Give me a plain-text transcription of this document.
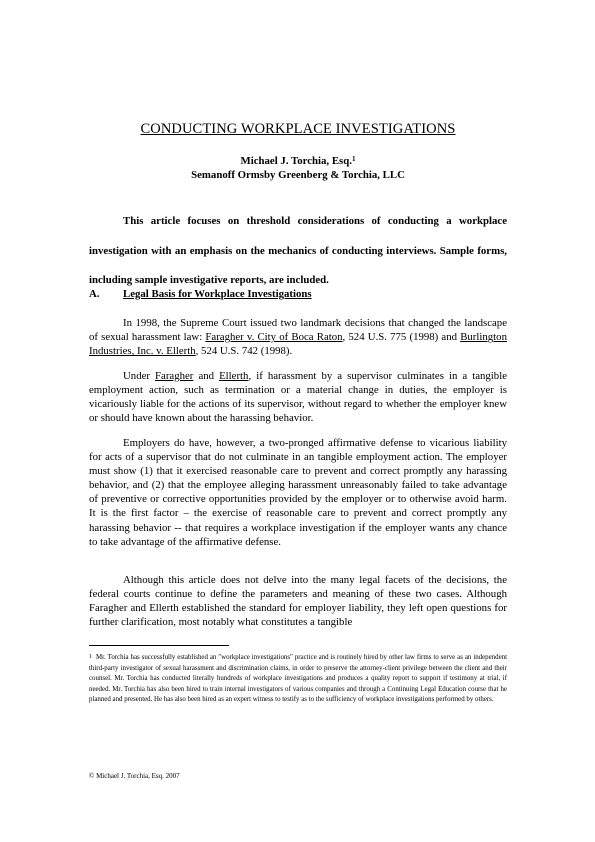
CONDUCTING WORKPLACE INVESTIGATIONS
Michael J. Torchia, Esq.$^1$
Semanoff Ormsby Greenberg & Torchia, LLC
This article focuses on threshold considerations of conducting a workplace investigation with an emphasis on the mechanics of conducting interviews. Sample forms, including sample investigative reports, are included.
A. Legal Basis for Workplace Investigations
In 1998, the Supreme Court issued two landmark decisions that changed the landscape of sexual harassment law: Faragher v. City of Boca Raton, 524 U.S. 775 (1998) and Burlington Industries, Inc. v. Ellerth, 524 U.S. 742 (1998).
Under Faragher and Ellerth, if harassment by a supervisor culminates in a tangible employment action, such as termination or a material change in duties, the employer is vicariously liable for the actions of its supervisor, without regard to whether the employer knew or should have known about the harassing behavior.
Employers do have, however, a two-pronged affirmative defense to vicarious liability for acts of a supervisor that do not culminate in an tangible employment action. The employer must show (1) that it exercised reasonable care to prevent and correct promptly any harassing behavior, and (2) that the employee alleging harassment unreasonably failed to take advantage of preventive or corrective opportunities provided by the employer or to otherwise avoid harm. It is the first factor – the exercise of reasonable care to prevent and correct promptly any harassing behavior -- that requires a workplace investigation if the employer wants any chance to take advantage of the affirmative defense.
Although this article does not delve into the many legal facets of the decisions, the federal courts continue to define the parameters and meaning of these two cases. Although Faragher and Ellerth established the standard for employer liability, they left open questions for further clarification, most notably what constitutes a tangible
$^1$ Mr. Torchia has successfully established an "workplace investigations" practice and is routinely hired by other law firms to serve as an independent third-party investigator of sexual harassment and discrimination claims, in order to preserve the attorney-client privilege between the client and their counsel. Mr. Torchia has conducted literally hundreds of workplace investigations and produces a quality report to support if testimony at trial, if needed. Mr. Torchia has also been hired to train internal investigators of various companies and through a Continuing Legal Education course that he planned and presented. He has also been hired as an expert witness to testify as to the sufficiency of workplace investigations performed by others.
© Michael J. Torchia, Esq. 2007
